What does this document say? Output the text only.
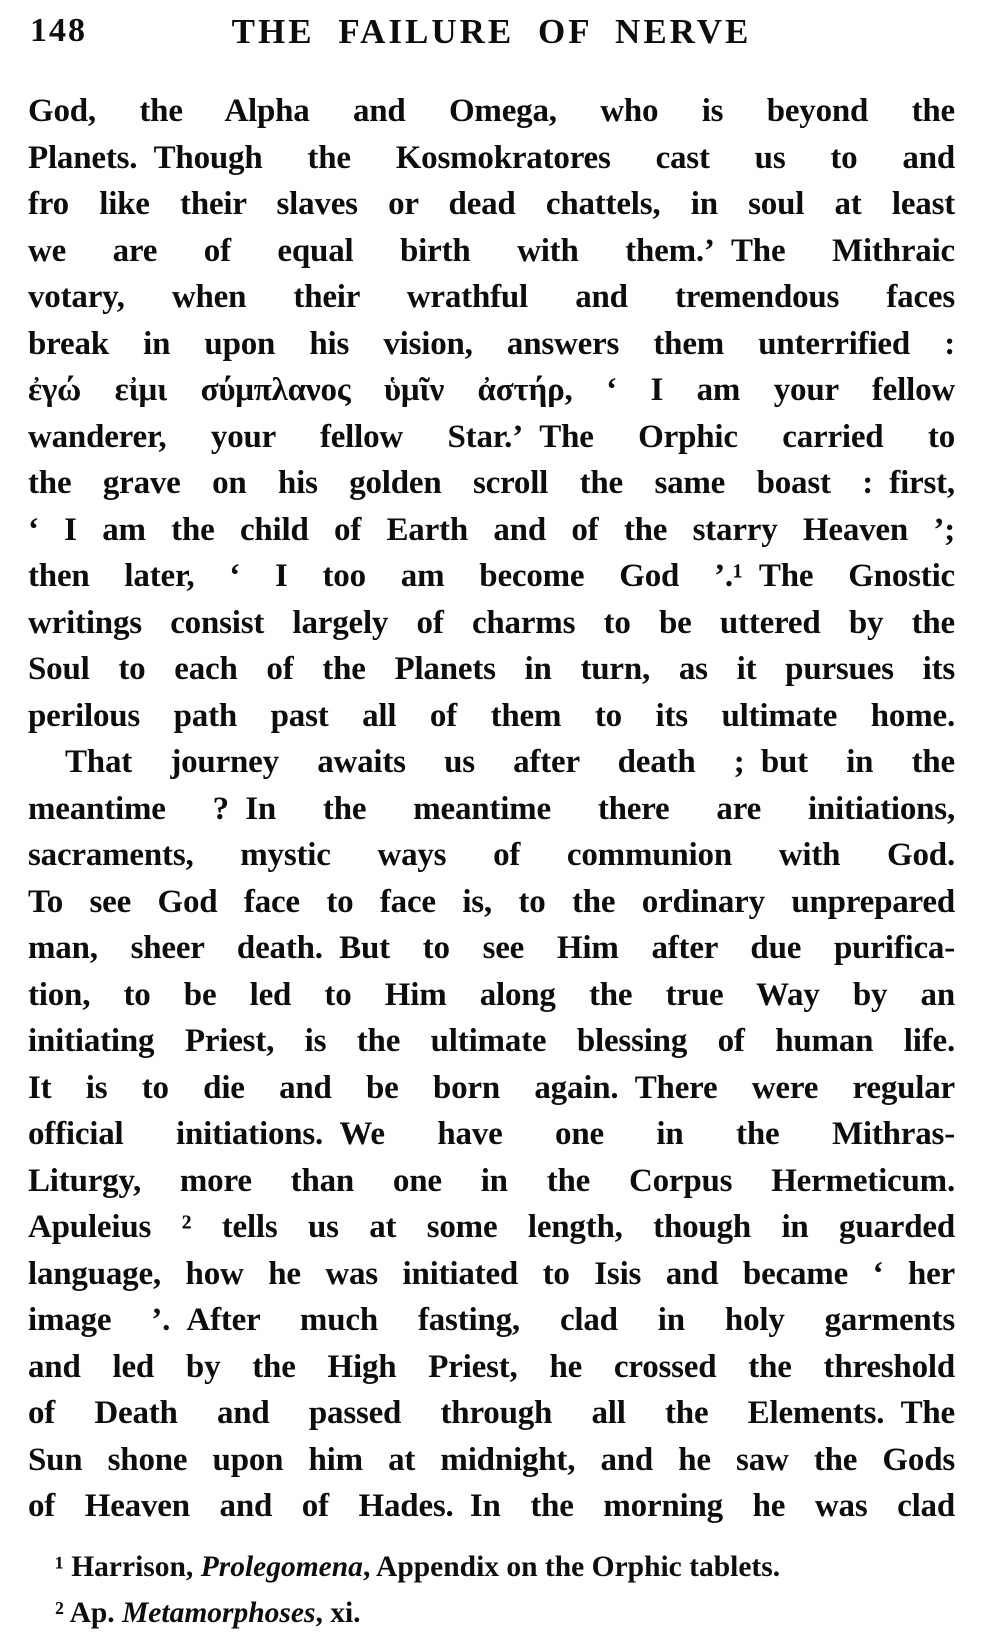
148	THE FAILURE OF NERVE
God, the Alpha and Omega, who is beyond the
Planets. Though the Kosmokratores cast us to and
fro like their slaves or dead chattels, in soul at least
we are of equal birth with them.’ The Mithraic
votary, when their wrathful and tremendous faces
break in upon his vision, answers them unterrified :
ἐγώ εἰμι σύμπλανος ὑμῖν ἀστήρ, ‘ I am your fellow
wanderer, your fellow Star.’ The Orphic carried to
the grave on his golden scroll the same boast : first,
‘ I am the child of Earth and of the starry Heaven ’;
then later, ‘ I too am become God ’.¹ The Gnostic
writings consist largely of charms to be uttered by the
Soul to each of the Planets in turn, as it pursues its
perilous path past all of them to its ultimate home.
That journey awaits us after death ; but in the
meantime ? In the meantime there are initiations,
sacraments, mystic ways of communion with God.
To see God face to face is, to the ordinary unprepared
man, sheer death. But to see Him after due purifica-
tion, to be led to Him along the true Way by an
initiating Priest, is the ultimate blessing of human life.
It is to die and be born again. There were regular
official initiations. We have one in the Mithras-
Liturgy, more than one in the Corpus Hermeticum.
Apuleius ² tells us at some length, though in guarded
language, how he was initiated to Isis and became ‘ her
image ’. After much fasting, clad in holy garments
and led by the High Priest, he crossed the threshold
of Death and passed through all the Elements. The
Sun shone upon him at midnight, and he saw the Gods
of Heaven and of Hades. In the morning he was clad
¹ Harrison, Prolegomena, Appendix on the Orphic tablets.
² Ap. Metamorphoses, xi.
